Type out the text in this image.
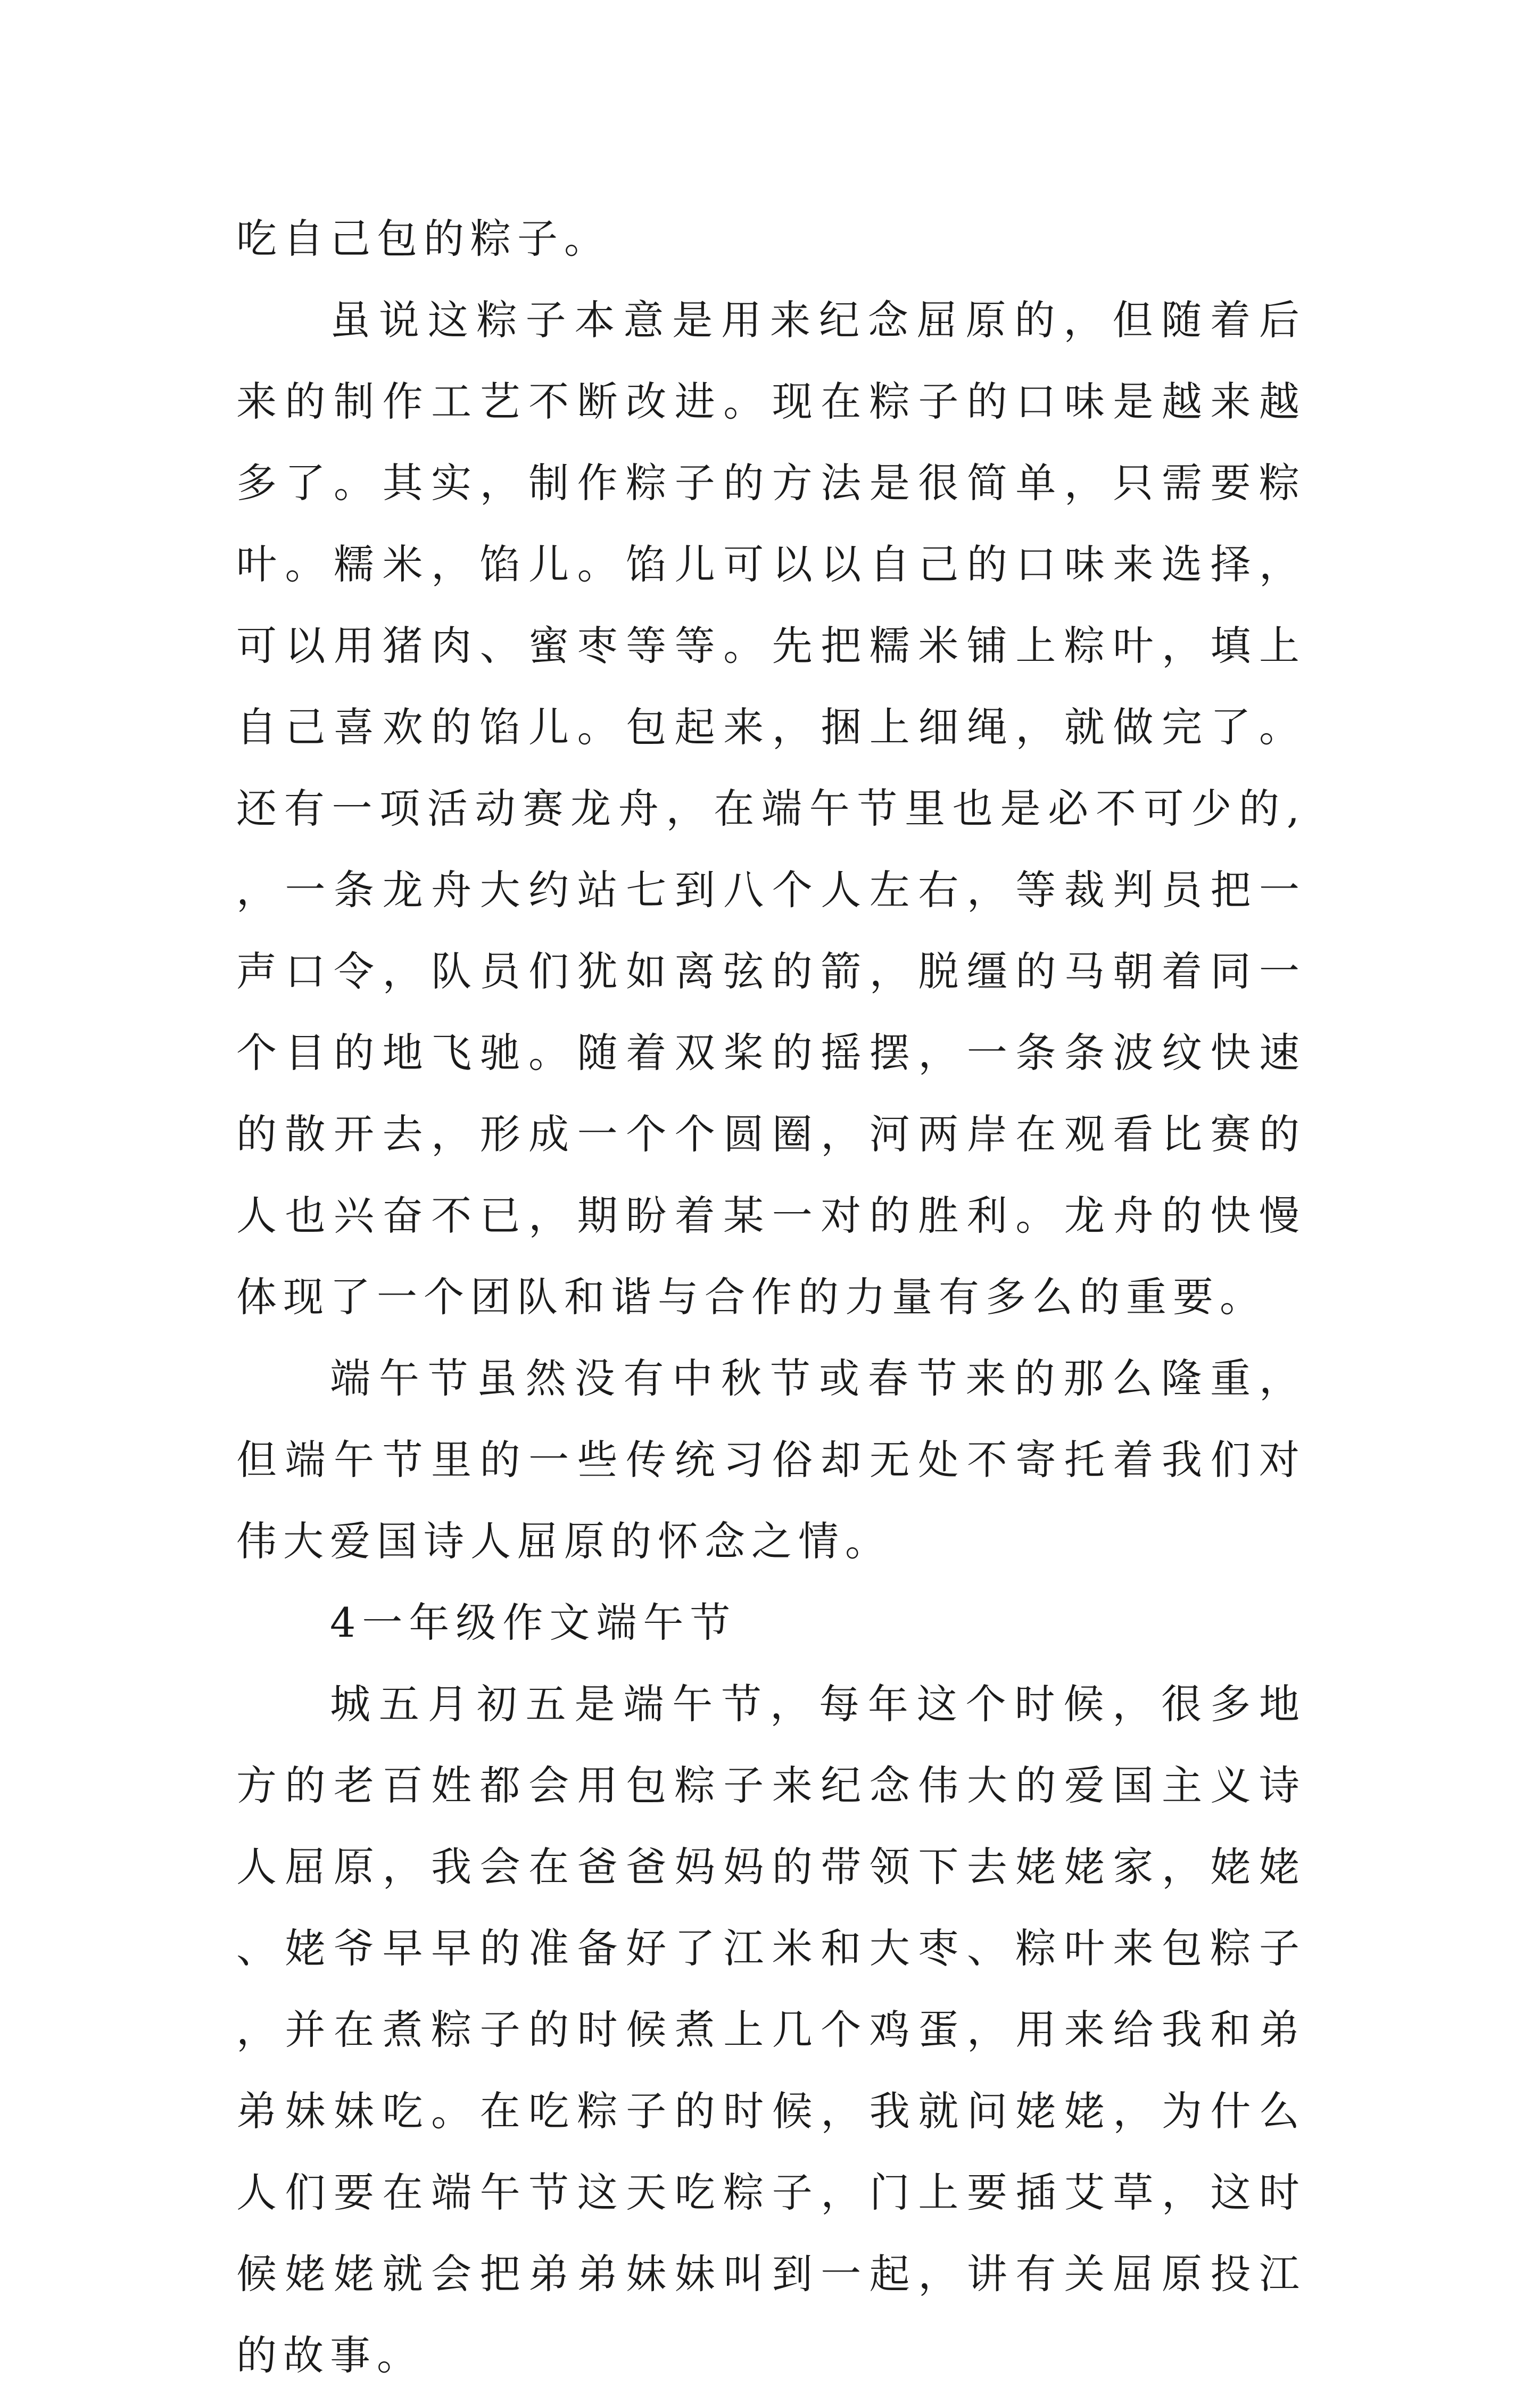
吃自己包的粽子。

虽说这粽子本意是用来纪念屈原的，但随着后来的制作工艺不断改进。现在粽子的口味是越来越多了。其实，制作粽子的方法是很简单，只需要粽叶。糯米，馅儿。馅儿可以以自己的口味来选择，可以用猪肉、蜜枣等等。先把糯米铺上粽叶，填上自己喜欢的馅儿。包起来，捆上细绳，就做完了。 还有一项活动赛龙舟，在端午节里也是必不可少的,，一条龙舟大约站七到八个人左右，等裁判员把一声口令，队员们犹如离弦的箭，脱缰的马朝着同一个目的地飞驰。随着双桨的摇摆，一条条波纹快速的散开去，形成一个个圆圈，河两岸在观看比赛的人也兴奋不已，期盼着某一对的胜利。龙舟的快慢体现了一个团队和谐与合作的力量有多么的重要。

端午节虽然没有中秋节或春节来的那么隆重，但端午节里的一些传统习俗却无处不寄托着我们对伟大爱国诗人屈原的怀念之情。

4一年级作文端午节

城五月初五是端午节，每年这个时候，很多地方的老百姓都会用包粽子来纪念伟大的爱国主义诗人屈原，我会在爸爸妈妈的带领下去姥姥家，姥姥、姥爷早早的准备好了江米和大枣、粽叶来包粽子，并在煮粽子的时候煮上几个鸡蛋，用来给我和弟弟妹妹吃。在吃粽子的时候，我就问姥姥，为什么人们要在端午节这天吃粽子，门上要插艾草，这时候姥姥就会把弟弟妹妹叫到一起，讲有关屈原投江的故事。
